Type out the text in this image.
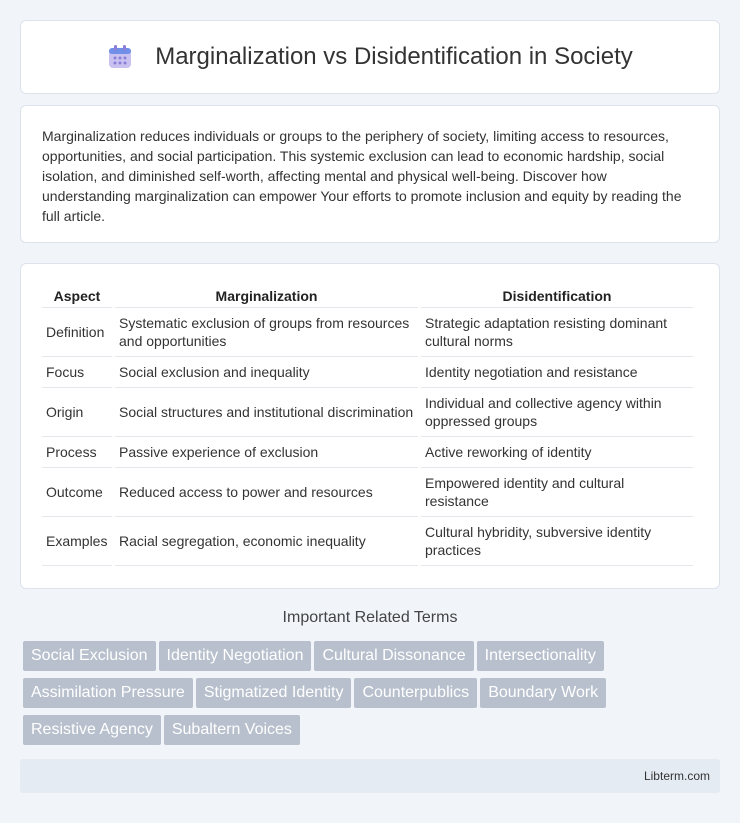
Marginalization vs Disidentification in Society

Marginalization reduces individuals or groups to the periphery of society, limiting access to resources, opportunities, and social participation. This systemic exclusion can lead to economic hardship, social isolation, and diminished self-worth, affecting mental and physical well-being. Discover how understanding marginalization can empower Your efforts to promote inclusion and equity by reading the full article.

Aspect	Marginalization	Disidentification
Definition	Systematic exclusion of groups from resources and opportunities	Strategic adaptation resisting dominant cultural norms
Focus	Social exclusion and inequality	Identity negotiation and resistance
Origin	Social structures and institutional discrimination	Individual and collective agency within oppressed groups
Process	Passive experience of exclusion	Active reworking of identity
Outcome	Reduced access to power and resources	Empowered identity and cultural resistance
Examples	Racial segregation, economic inequality	Cultural hybridity, subversive identity practices
Important Related Terms
Social Exclusion Identity Negotiation Cultural Dissonance Intersectionality
Assimilation Pressure Stigmatized Identity Counterpublics Boundary Work
Resistive Agency Subaltern Voices
Libterm.com
